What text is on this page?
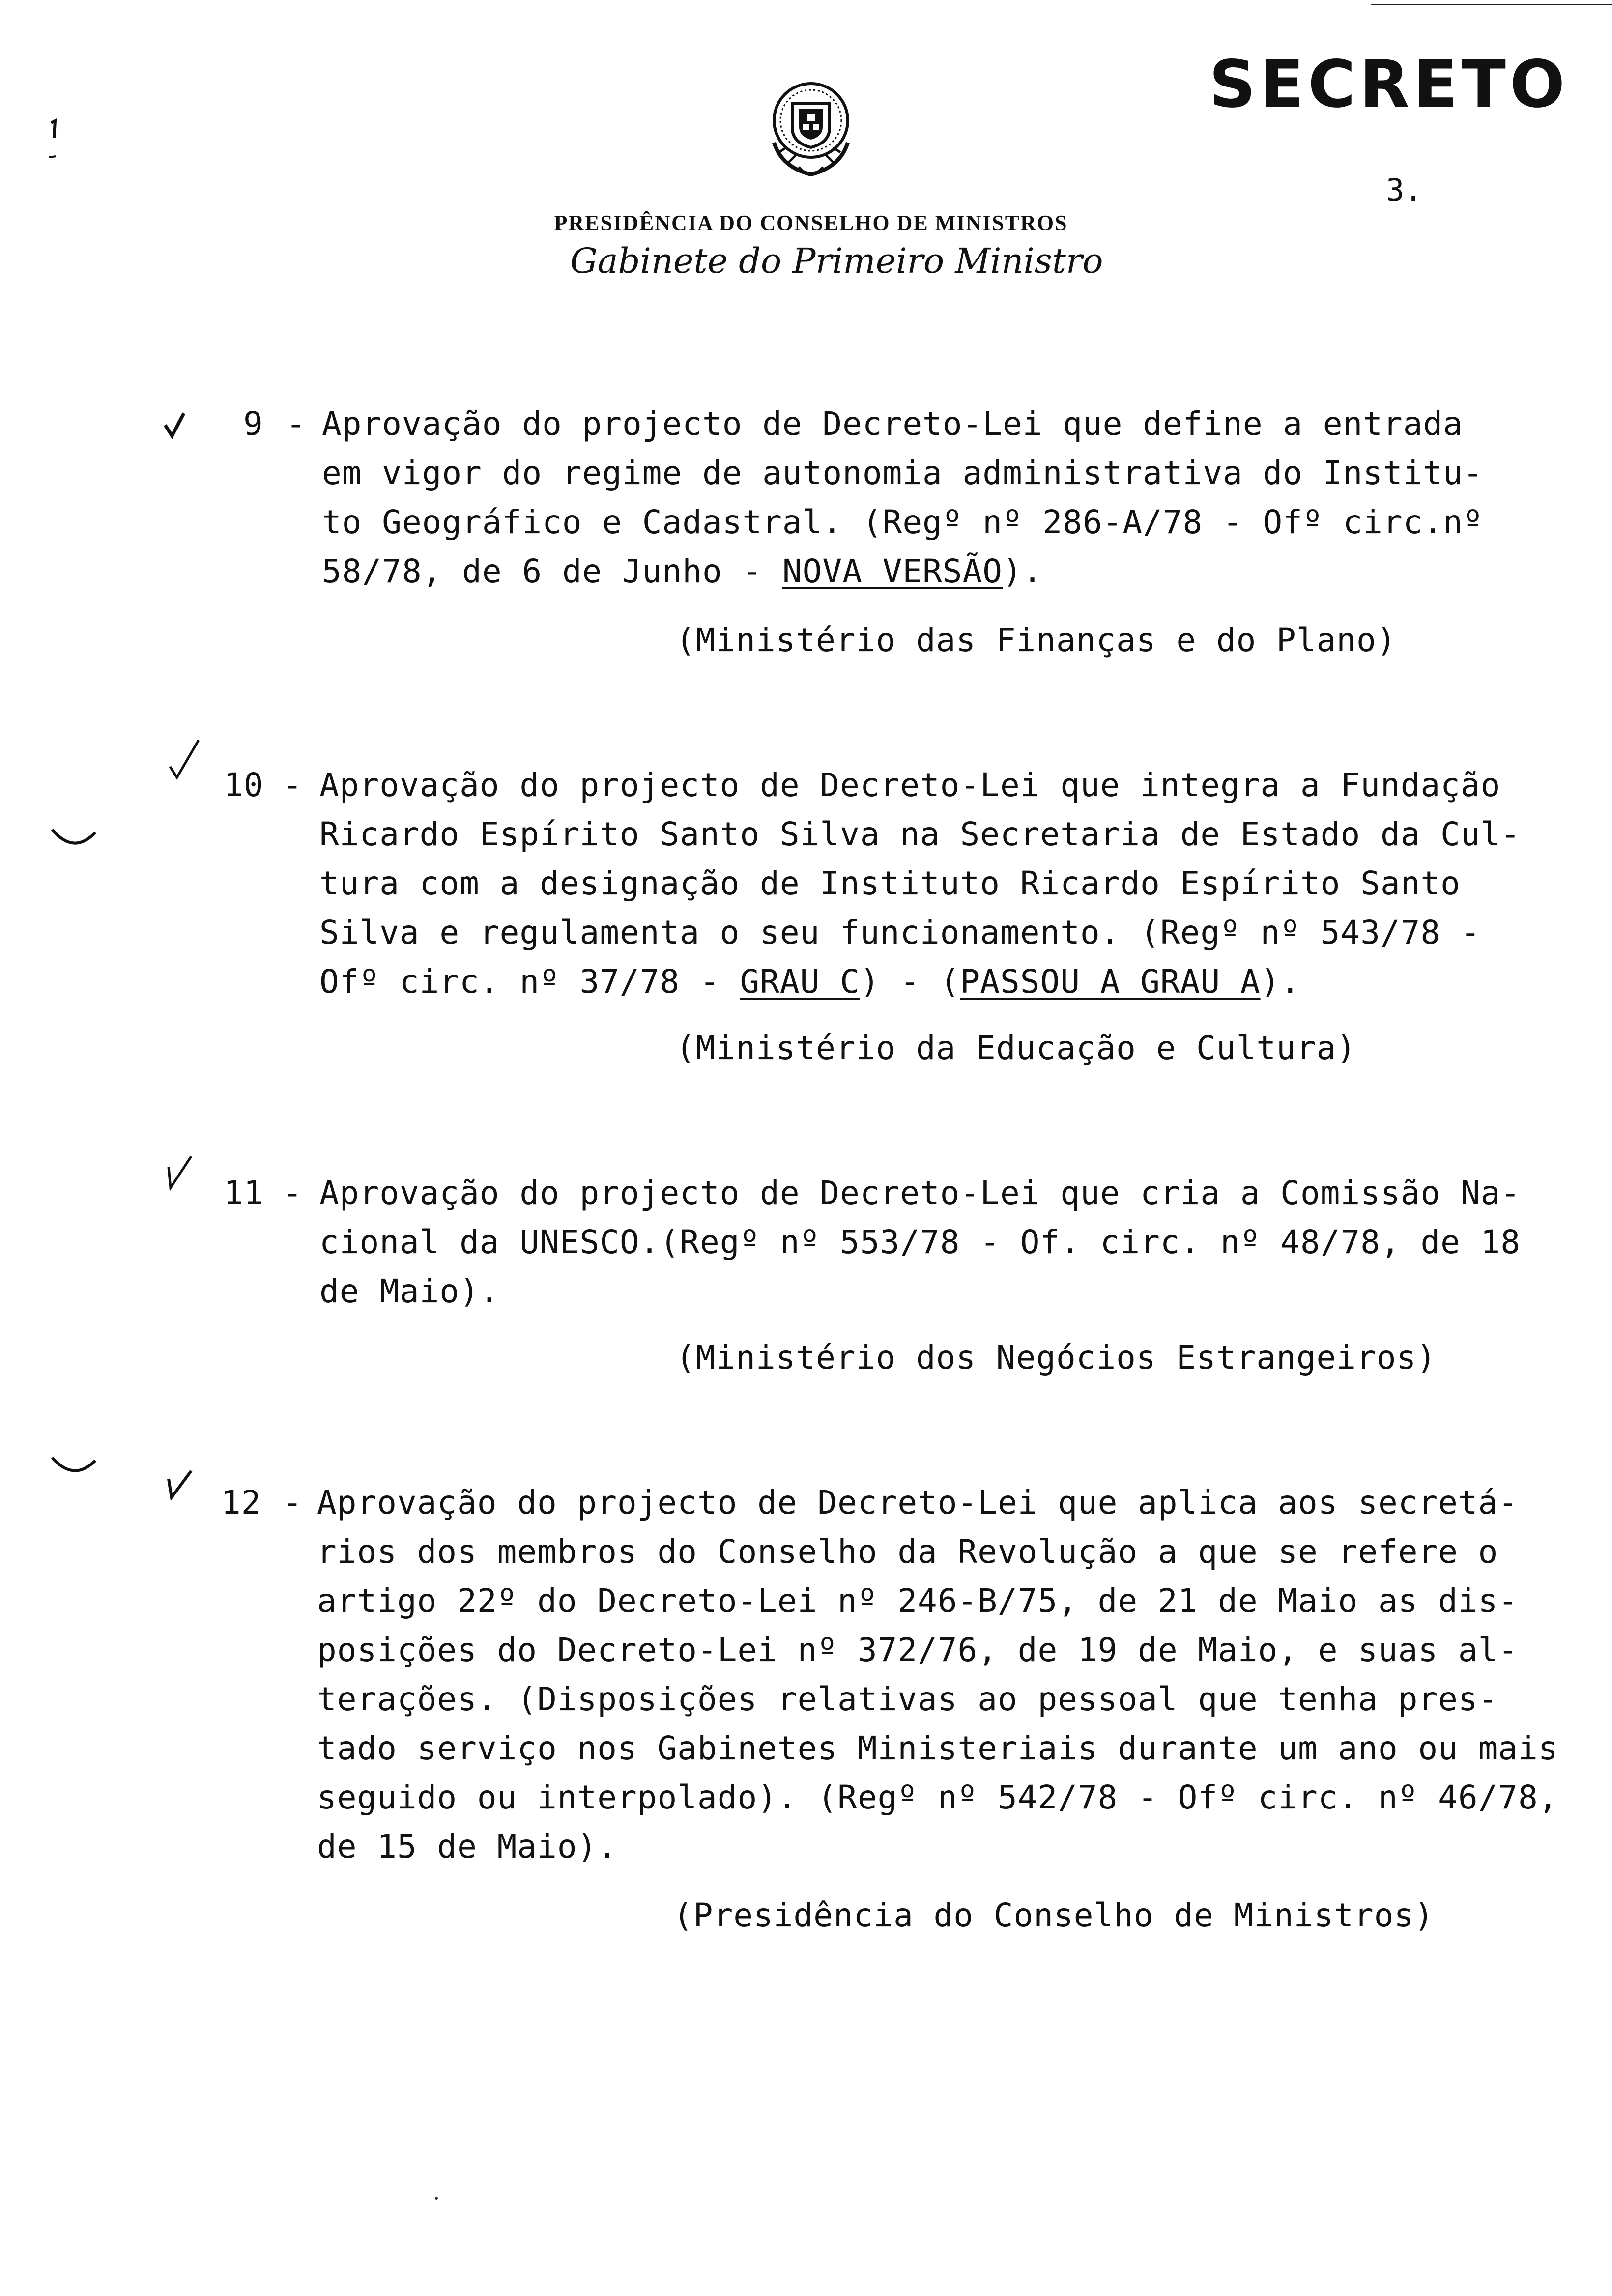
SECRETO
3.
PRESIDÊNCIA DO CONSELHO DE MINISTROS
Gabinete do Primeiro Ministro
9 - Aprovação do projecto de Decreto-Lei que define a entrada
em vigor do regime de autonomia administrativa do Institu-
to Geográfico e Cadastral. (Regº nº 286-A/78 - Ofº circ.nº
58/78, de 6 de Junho - NOVA VERSÃO).
(Ministério das Finanças e do Plano)
10 - Aprovação do projecto de Decreto-Lei que integra a Fundação
Ricardo Espírito Santo Silva na Secretaria de Estado da Cul-
tura com a designação de Instituto Ricardo Espírito Santo
Silva e regulamenta o seu funcionamento. (Regº nº 543/78 -
Ofº circ. nº 37/78 - GRAU C) - (PASSOU A GRAU A).
(Ministério da Educação e Cultura)
11 - Aprovação do projecto de Decreto-Lei que cria a Comissão Na-
cional da UNESCO.(Regº nº 553/78 - Of. circ. nº 48/78, de 18
de Maio).
(Ministério dos Negócios Estrangeiros)
12 - Aprovação do projecto de Decreto-Lei que aplica aos secretá-
rios dos membros do Conselho da Revolução a que se refere o
artigo 22º do Decreto-Lei nº 246-B/75, de 21 de Maio as dis-
posições do Decreto-Lei nº 372/76, de 19 de Maio, e suas al-
terações. (Disposições relativas ao pessoal que tenha pres-
tado serviço nos Gabinetes Ministeriais durante um ano ou mais
seguido ou interpolado). (Regº nº 542/78 - Ofº circ. nº 46/78,
de 15 de Maio).
(Presidência do Conselho de Ministros)
